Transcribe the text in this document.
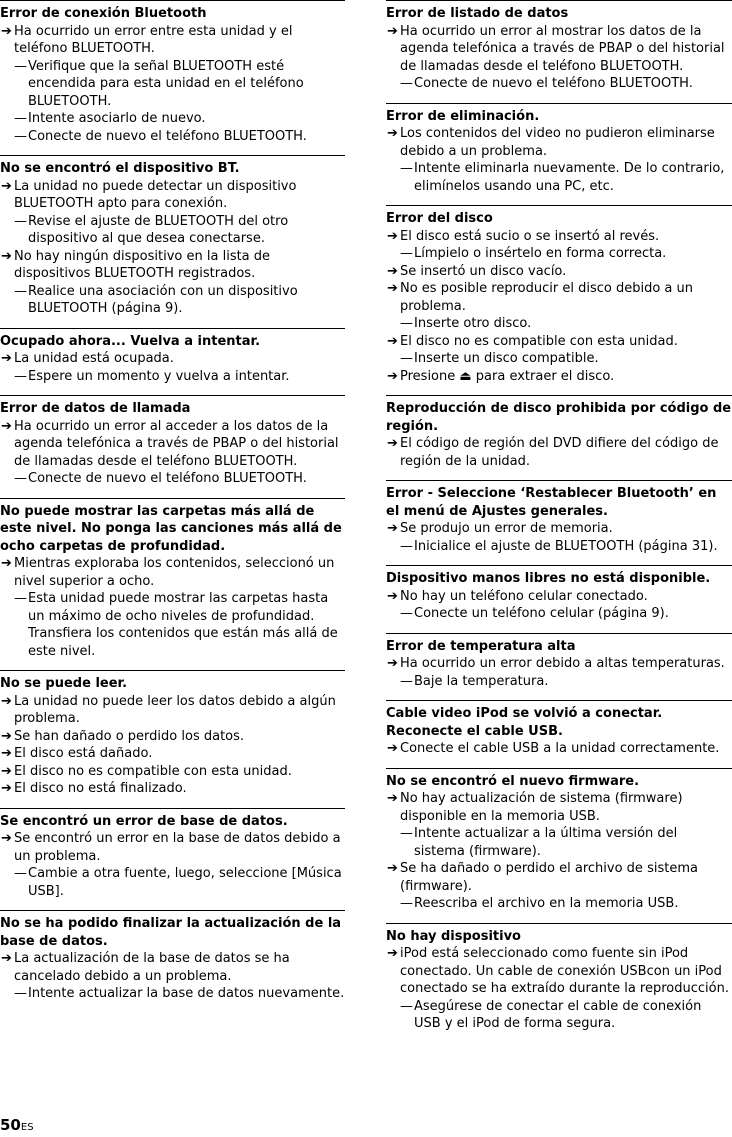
Error de conexión Bluetooth
➔ Ha ocurrido un error entre esta unidad y el teléfono BLUETOOTH.
— Verifique que la señal BLUETOOTH esté encendida para esta unidad en el teléfono BLUETOOTH.
— Intente asociarlo de nuevo.
— Conecte de nuevo el teléfono BLUETOOTH.
No se encontró el dispositivo BT.
➔ La unidad no puede detectar un dispositivo BLUETOOTH apto para conexión.
— Revise el ajuste de BLUETOOTH del otro dispositivo al que desea conectarse.
➔ No hay ningún dispositivo en la lista de dispositivos BLUETOOTH registrados.
— Realice una asociación con un dispositivo BLUETOOTH (página 9).
Ocupado ahora... Vuelva a intentar.
➔ La unidad está ocupada.
— Espere un momento y vuelva a intentar.
Error de datos de llamada
➔ Ha ocurrido un error al acceder a los datos de la agenda telefónica a través de PBAP o del historial de llamadas desde el teléfono BLUETOOTH.
— Conecte de nuevo el teléfono BLUETOOTH.
No puede mostrar las carpetas más allá de este nivel. No ponga las canciones más allá de ocho carpetas de profundidad.
➔ Mientras exploraba los contenidos, seleccionó un nivel superior a ocho.
— Esta unidad puede mostrar las carpetas hasta un máximo de ocho niveles de profundidad. Transfiera los contenidos que están más allá de este nivel.
No se puede leer.
➔ La unidad no puede leer los datos debido a algún problema.
➔ Se han dañado o perdido los datos.
➔ El disco está dañado.
➔ El disco no es compatible con esta unidad.
➔ El disco no está finalizado.
Se encontró un error de base de datos.
➔ Se encontró un error en la base de datos debido a un problema.
— Cambie a otra fuente, luego, seleccione [Música USB].
No se ha podido finalizar la actualización de la base de datos.
➔ La actualización de la base de datos se ha cancelado debido a un problema.
— Intente actualizar la base de datos nuevamente.
Error de listado de datos
➔ Ha ocurrido un error al mostrar los datos de la agenda telefónica a través de PBAP o del historial de llamadas desde el teléfono BLUETOOTH.
— Conecte de nuevo el teléfono BLUETOOTH.
Error de eliminación.
➔ Los contenidos del video no pudieron eliminarse debido a un problema.
— Intente eliminarla nuevamente. De lo contrario, elimínelos usando una PC, etc.
Error del disco
➔ El disco está sucio o se insertó al revés.
— Límpielo o insértelo en forma correcta.
➔ Se insertó un disco vacío.
➔ No es posible reproducir el disco debido a un problema.
— Inserte otro disco.
➔ El disco no es compatible con esta unidad.
— Inserte un disco compatible.
➔ Presione ⏏ para extraer el disco.
Reproducción de disco prohibida por código de región.
➔ El código de región del DVD difiere del código de región de la unidad.
Error - Seleccione ‘Restablecer Bluetooth’ en el menú de Ajustes generales.
➔ Se produjo un error de memoria.
— Inicialice el ajuste de BLUETOOTH (página 31).
Dispositivo manos libres no está disponible.
➔ No hay un teléfono celular conectado.
— Conecte un teléfono celular (página 9).
Error de temperatura alta
➔ Ha ocurrido un error debido a altas temperaturas.
— Baje la temperatura.
Cable video iPod se volvió a conectar. Reconecte el cable USB.
➔ Conecte el cable USB a la unidad correctamente.
No se encontró el nuevo firmware.
➔ No hay actualización de sistema (firmware) disponible en la memoria USB.
— Intente actualizar a la última versión del sistema (firmware).
➔ Se ha dañado o perdido el archivo de sistema (firmware).
— Reescriba el archivo en la memoria USB.
No hay dispositivo
➔ iPod está seleccionado como fuente sin iPod conectado. Un cable de conexión USBcon un iPod conectado se ha extraído durante la reproducción.
— Asegúrese de conectar el cable de conexión USB y el iPod de forma segura.
50ES
